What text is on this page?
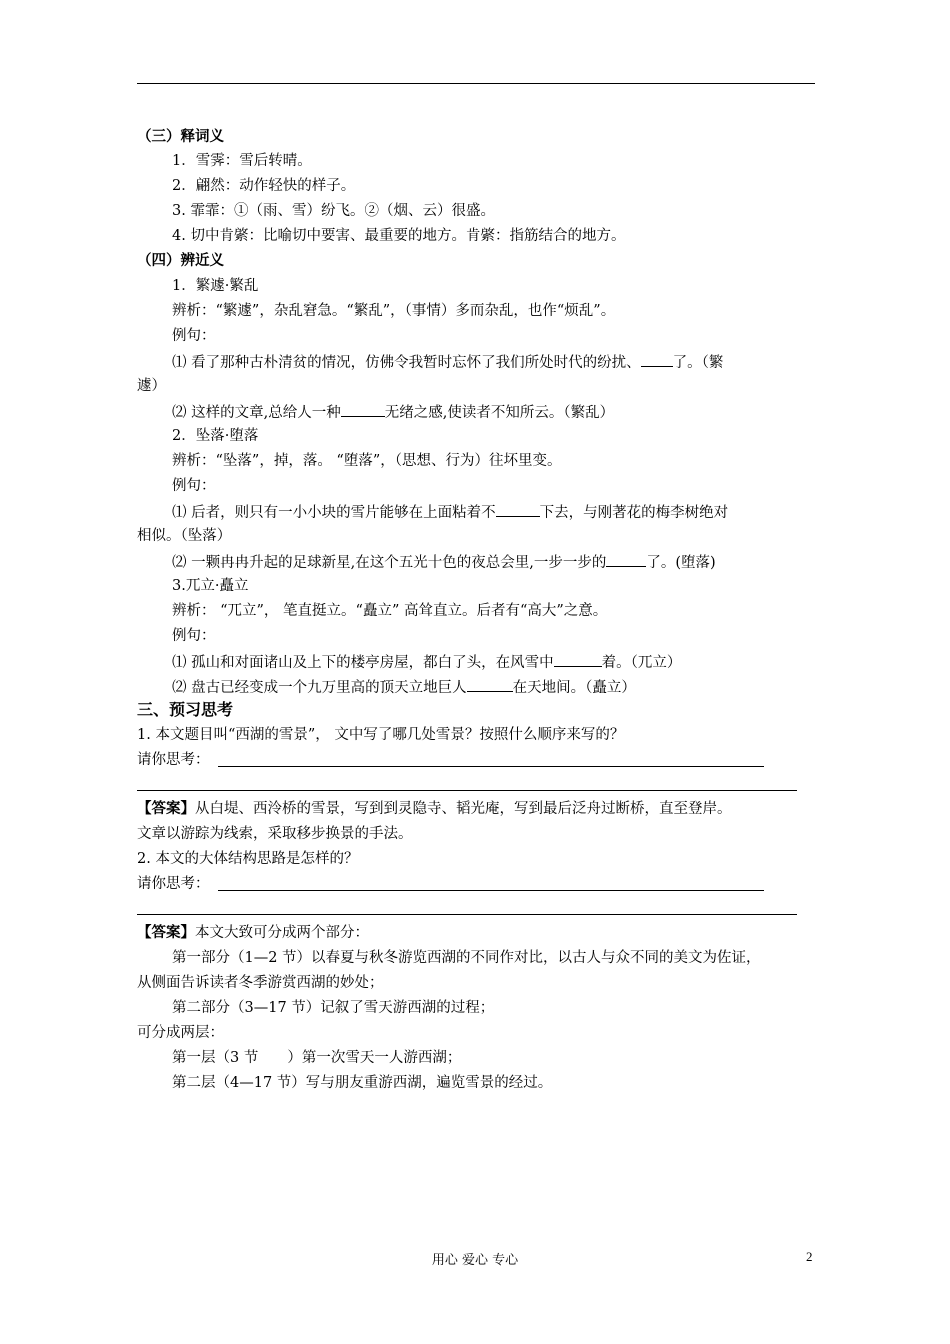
（三）释词义
1．雪霁：雪后转晴。
2．翩然：动作轻快的样子。
3. 霏霏：①（雨、雪）纷飞。②（烟、云）很盛。
4. 切中肯綮：比喻切中要害、最重要的地方。肯綮：指筋结合的地方。
（四）辨近义
1．繁遽·繁乱
辨析：“繁遽”，杂乱窘急。“繁乱”，（事情）多而杂乱，也作“烦乱”。
例句：
⑴ 看了那种古朴清贫的情况，仿佛令我暂时忘怀了我们所处时代的纷扰、 了。（繁
遽）
⑵ 这样的文章,总给人一种	无绪之感,使读者不知所云。（繁乱）
2．坠落·堕落
辨析：“坠落”，掉，落。 “堕落”，（思想、行为）往坏里变。
例句：
⑴ 后者，则只有一小小块的雪片能够在上面粘着不	下去，与刚著花的梅李树绝对
相似。（坠落）
⑵ 一颗冉冉升起的足球新星,在这个五光十色的夜总会里,一步一步的	了。(堕落)
3.兀立·矗立
辨析： “兀立”， 笔直挺立。“矗立” 高耸直立。后者有“高大”之意。
例句：
⑴ 孤山和对面诸山及上下的楼亭房屋，都白了头，在风雪中	着。（兀立）
⑵ 盘古已经变成一个九万里高的顶天立地巨人	在天地间。（矗立）
三、预习思考
1. 本文题目叫“西湖的雪景”， 文中写了哪几处雪景？按照什么顺序来写的？
请你思考：
【答案】从白堤、西泠桥的雪景，写到到灵隐寺、韬光庵，写到最后泛舟过断桥，直至登岸。
文章以游踪为线索，采取移步换景的手法。
2. 本文的大体结构思路是怎样的？
请你思考：
【答案】本文大致可分成两个部分：
第一部分（1—2 节）以春夏与秋冬游览西湖的不同作对比，以古人与众不同的美文为佐证，
从侧面告诉读者冬季游赏西湖的妙处；
第二部分（3—17 节）记叙了雪天游西湖的过程；
可分成两层：
第一层（3 节　　）第一次雪天一人游西湖；
第二层（4—17 节）写与朋友重游西湖，遍览雪景的经过。
用心 爱心 专心	2
